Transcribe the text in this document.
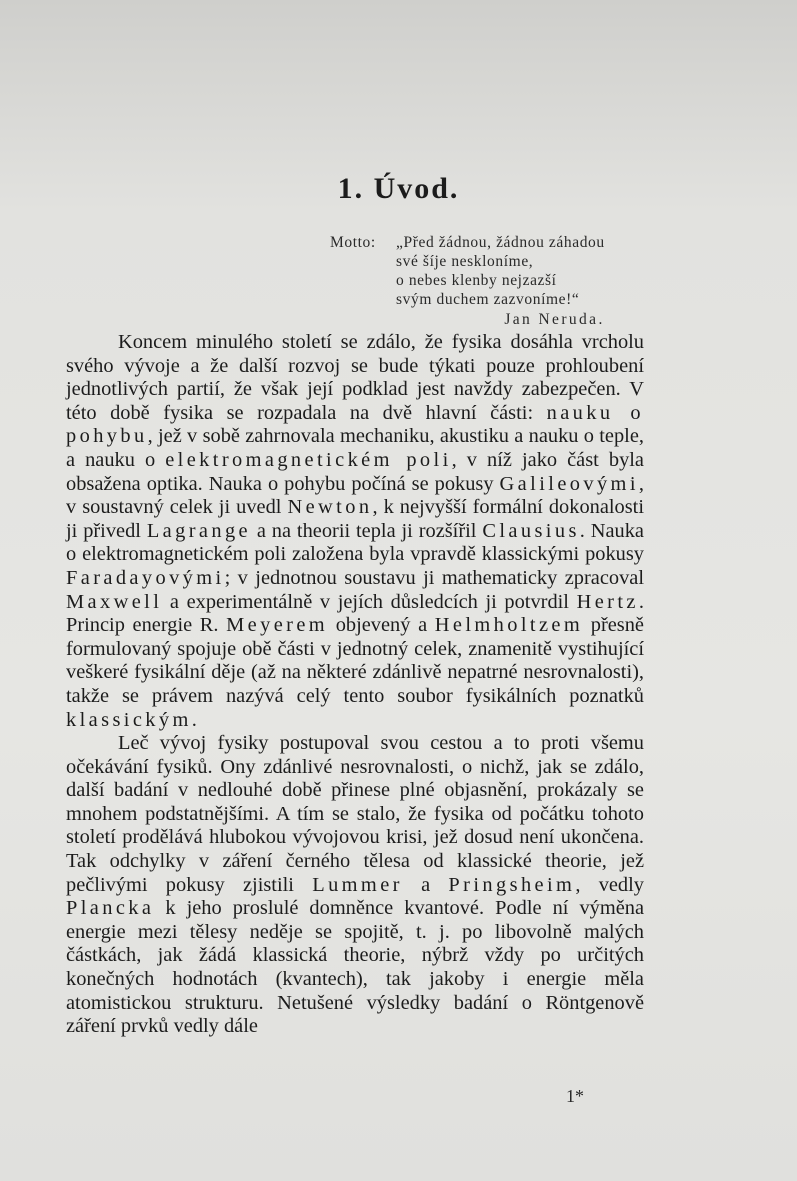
1. Úvod.
Motto: „Před žádnou, žádnou záhadou
své šíje neskloníme,
o nebes klenby nejzazší
svým duchem zazvoníme!“
Jan Neruda.

Koncem minulého století se zdálo, že fysika dosáhla vrcholu svého vývoje a že další rozvoj se bude týkati pouze prohloubení jednotlivých partií, že však její podklad jest navždy zabezpečen. V této době fysika se rozpadala na dvě hlavní části: nauku o pohybu, jež v sobě zahrnovala mechaniku, akustiku a nauku o teple, a nauku o elektromagnetickém poli, v níž jako část byla obsažena optika. Nauka o pohybu počíná se pokusy Galileovými, v soustavný celek ji uvedl Newton, k nejvyšší formální dokonalosti ji přivedl Lagrange a na theorii tepla ji rozšířil Clausius. Nauka o elektromagnetickém poli založena byla vpravdě klassickými pokusy Faradayovými; v jednotnou soustavu ji mathematicky zpracoval Maxwell a experimentálně v jejích důsledcích ji potvrdil Hertz. Princip energie R. Meyerem objevený a Helmholtzem přesně formulovaný spojuje obě části v jednotný celek, znamenitě vystihující veškeré fysikální děje (až na některé zdánlivě nepatrné nesrovnalosti), takže se právem nazývá celý tento soubor fysikálních poznatků klassickým.

Leč vývoj fysiky postupoval svou cestou a to proti všemu očekávání fysiků. Ony zdánlivé nesrovnalosti, o nichž, jak se zdálo, další badání v nedlouhé době přinese plné objasnění, prokázaly se mnohem podstatnějšími. A tím se stalo, že fysika od počátku tohoto století prodělává hlubokou vývojovou krisi, jež dosud není ukončena. Tak odchylky v záření černého tělesa od klassické theorie, jež pečlivými pokusy zjistili Lummer a Pringsheim, vedly Plancka k jeho proslulé domněnce kvantové. Podle ní výměna energie mezi tělesy neděje se spojitě, t. j. po libovolně malých částkách, jak žádá klassická theorie, nýbrž vždy po určitých konečných hodnotách (kvantech), tak jakoby i energie měla atomistickou strukturu. Netušené výsledky badání o Röntgenově záření prvků vedly dále

1*
